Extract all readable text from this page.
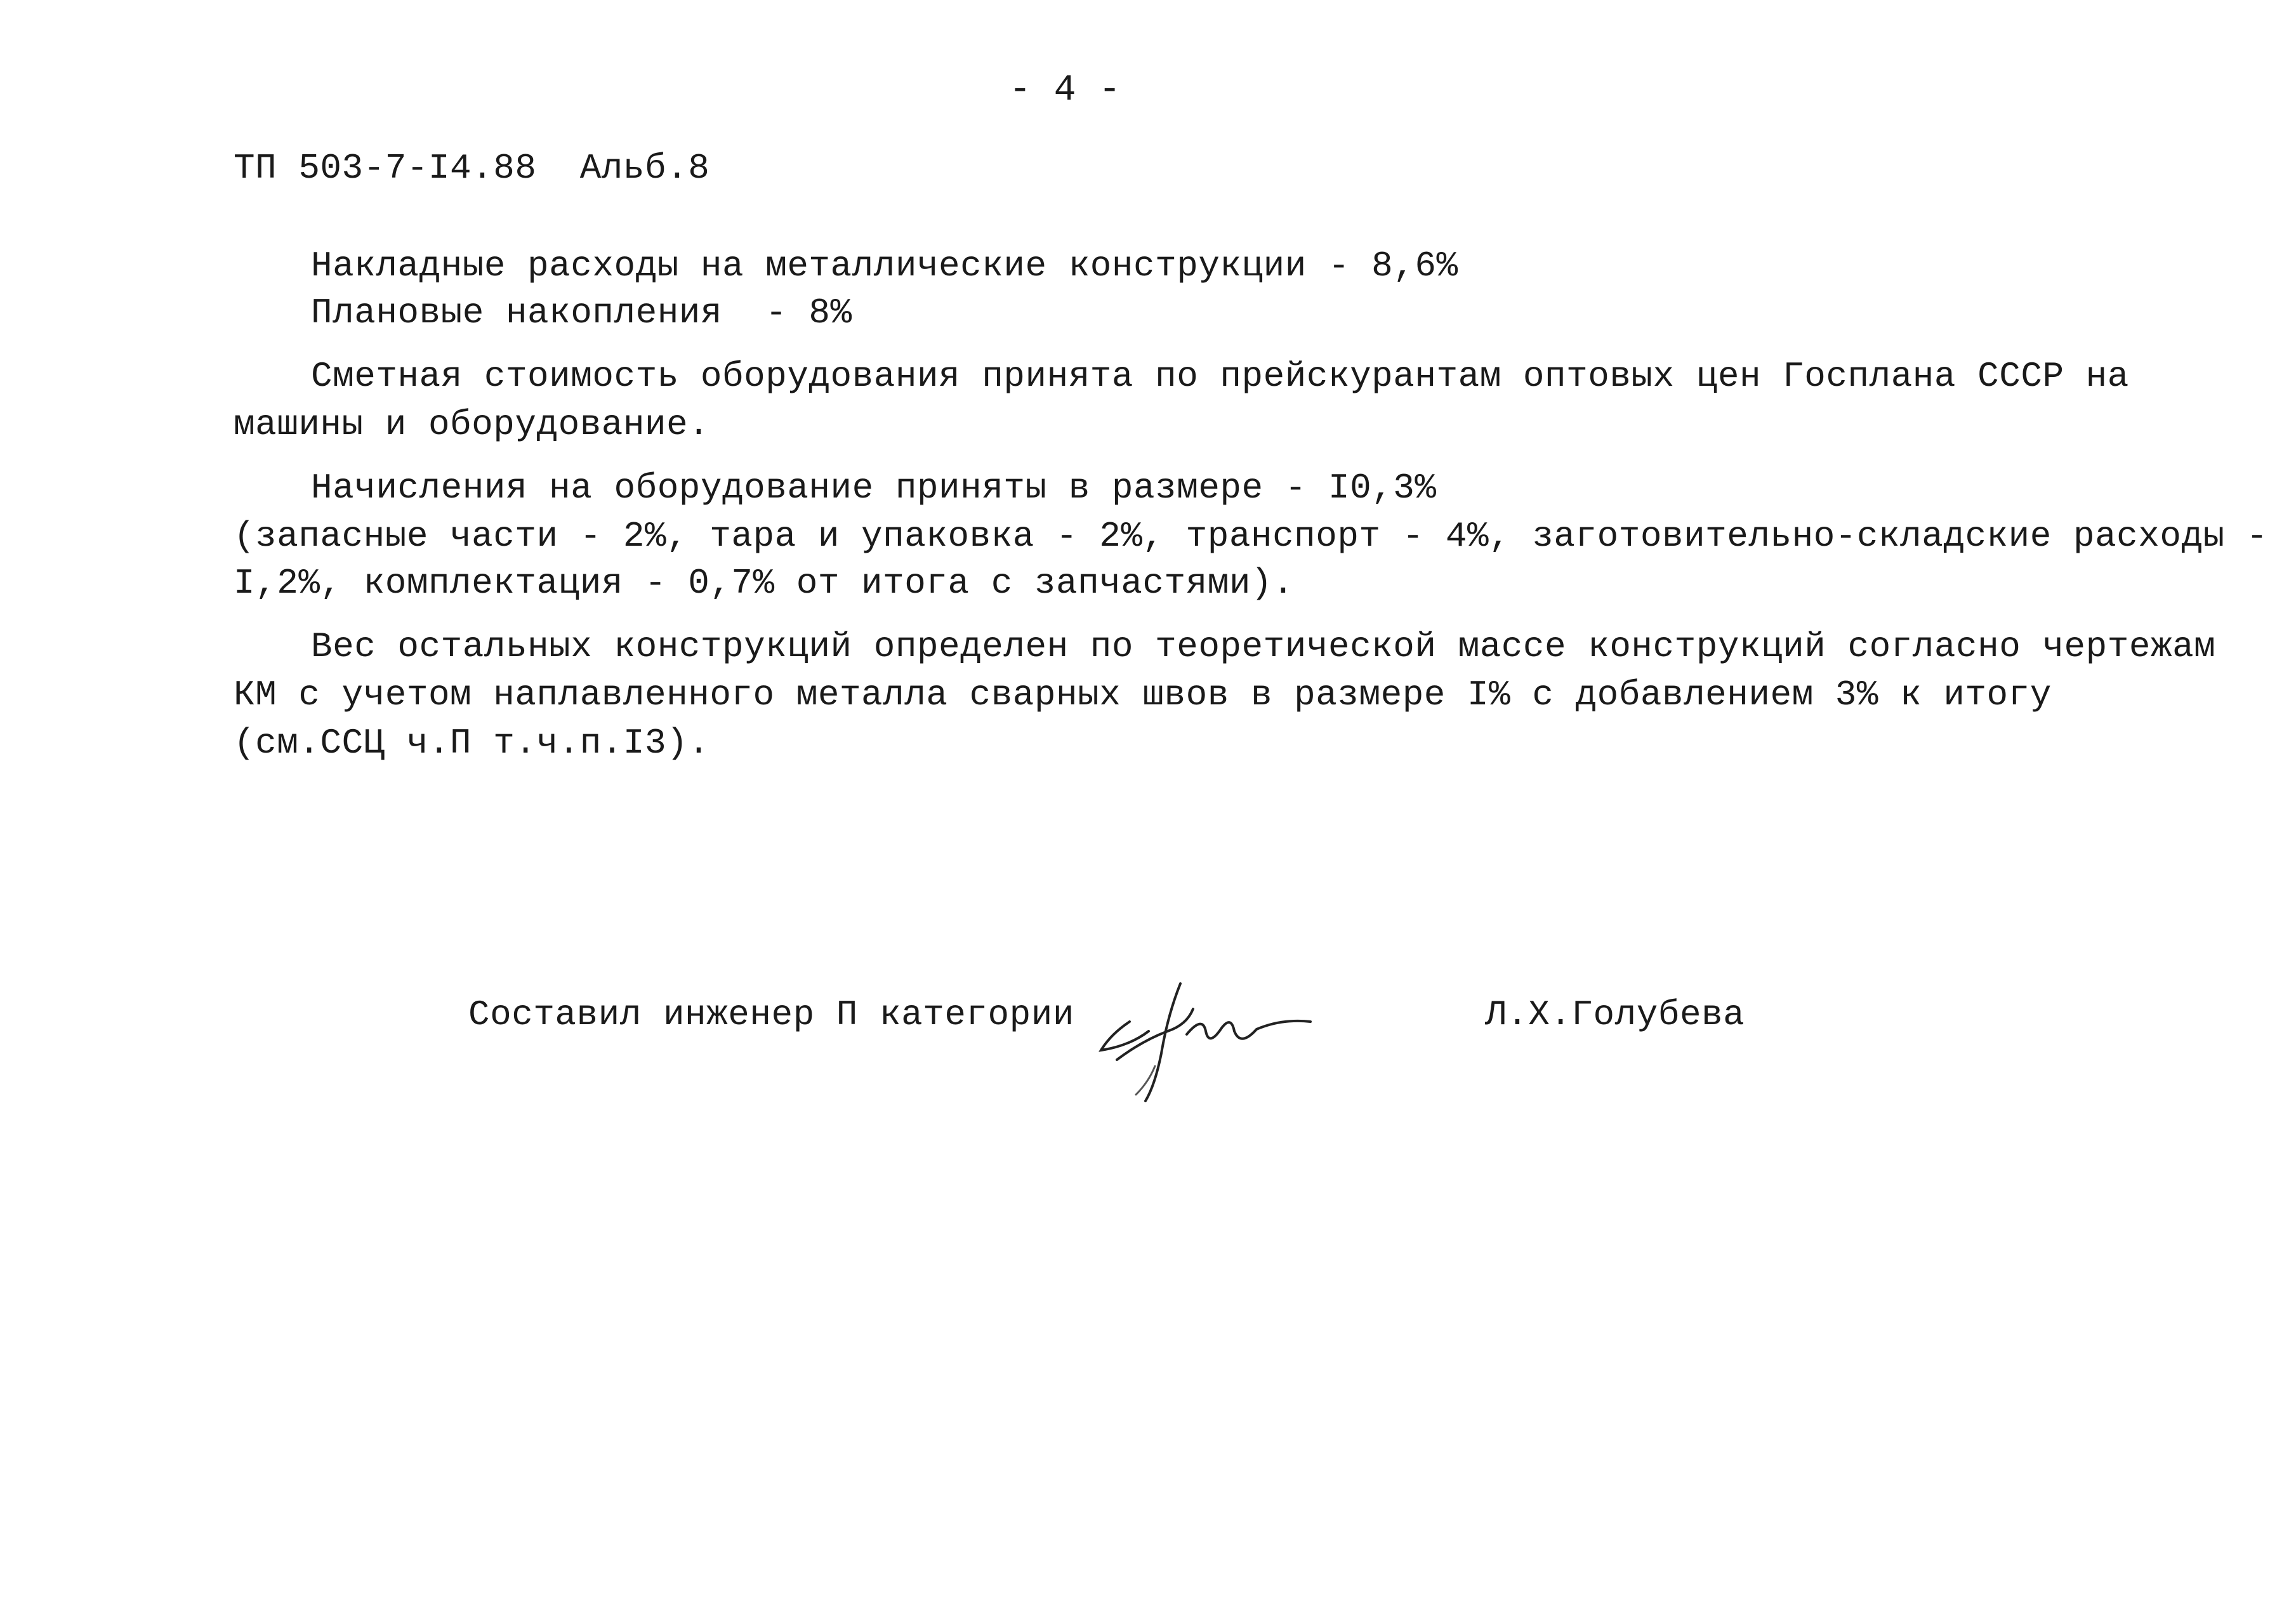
- 4 -
ТП 503-7-I4.88  Альб.8
Накладные расходы на металлические конструкции - 8,6%
Плановые накопления  - 8%
Сметная стоимость оборудования принята по прейскурантам оптовых цен Госплана СССР на
машины и оборудование.
Начисления на оборудование приняты в размере - I0,3%
(запасные части - 2%, тара и упаковка - 2%, транспорт - 4%, заготовительно-складские расходы -
I,2%, комплектация - 0,7% от итога с запчастями).
Вес остальных конструкций определен по теоретической массе конструкций согласно чертежам
КМ с учетом наплавленного металла сварных швов в размере I% с добавлением 3% к итогу
(см.ССЦ ч.П т.ч.п.I3).
Составил инженер П категории	Л.Х.Голубева
